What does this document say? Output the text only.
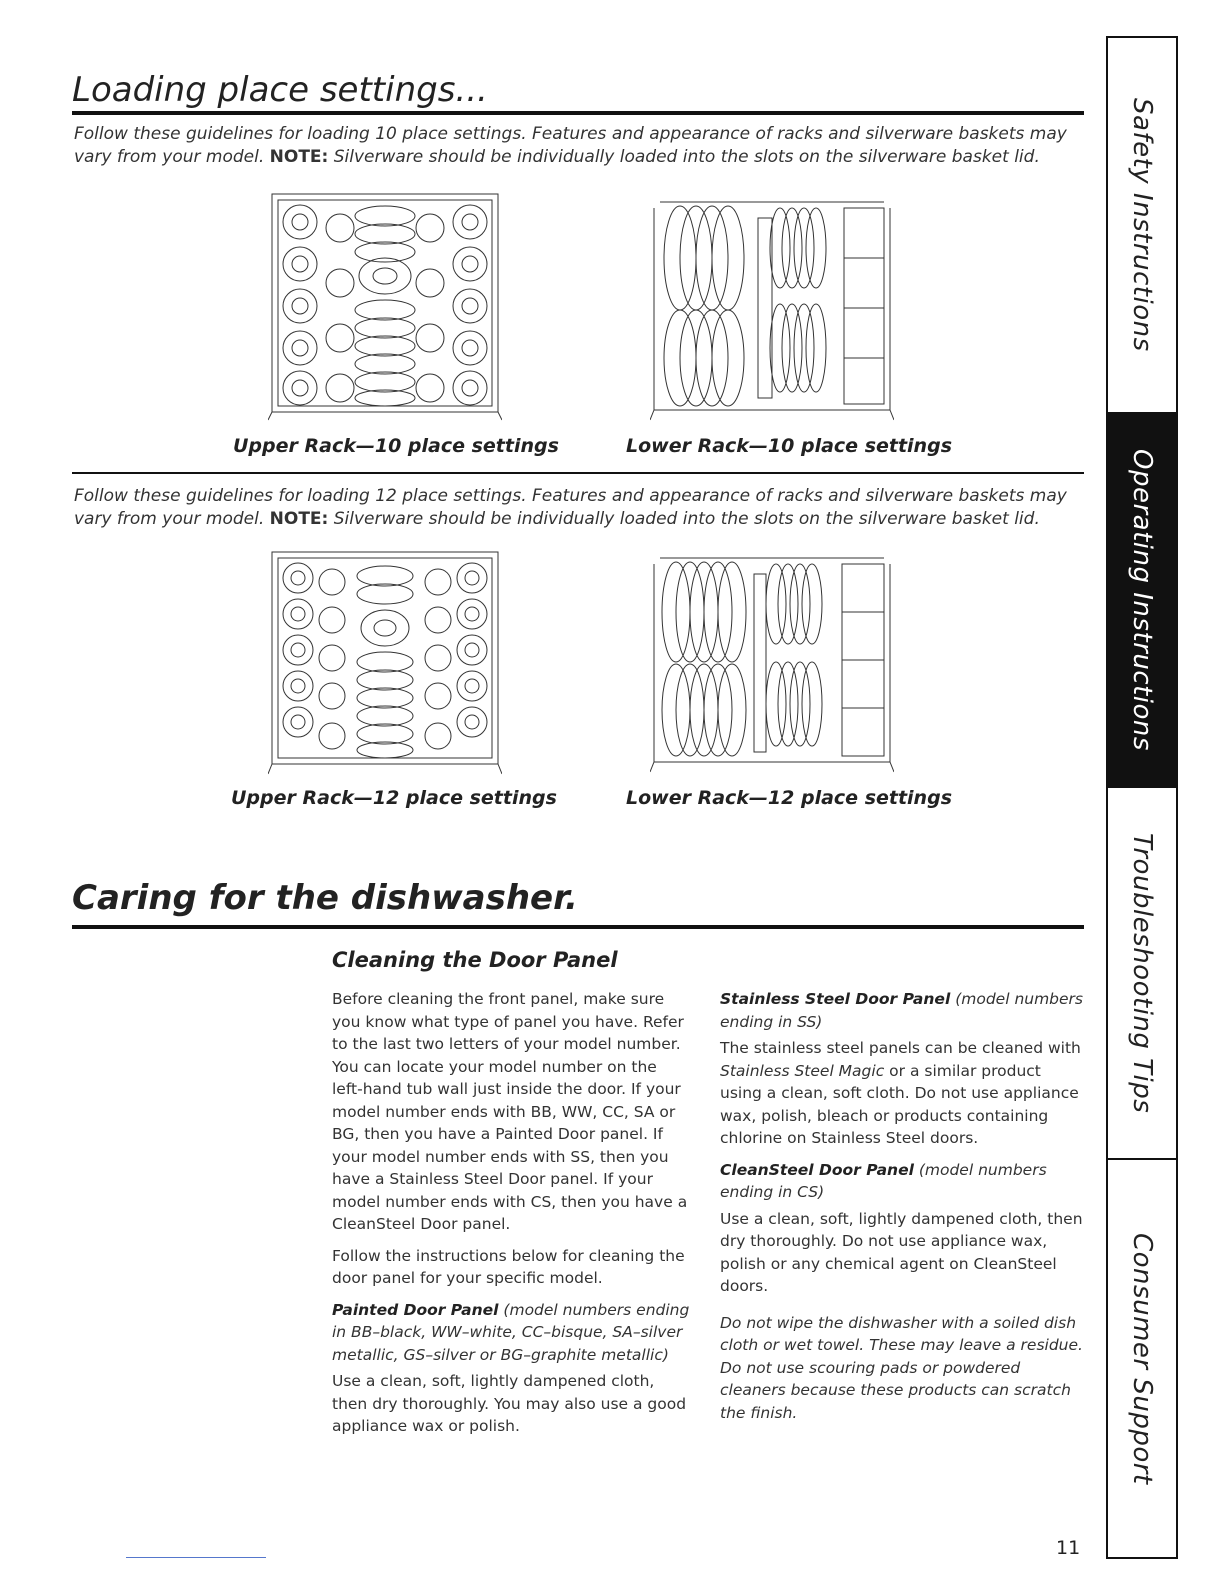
Loading place settings...
Follow these guidelines for loading 10 place settings. Features and appearance of racks and silverware baskets may vary from your model. NOTE: Silverware should be individually loaded into the slots on the silverware basket lid.
Upper Rack—10 place settings	Lower Rack—10 place settings
Follow these guidelines for loading 12 place settings. Features and appearance of racks and silverware baskets may vary from your model. NOTE: Silverware should be individually loaded into the slots on the silverware basket lid.
Upper Rack—12 place settings	Lower Rack—12 place settings
Caring for the dishwasher.
Cleaning the Door Panel

Before cleaning the front panel, make sure you know what type of panel you have. Refer to the last two letters of your model number. You can locate your model number on the left-hand tub wall just inside the door. If your model number ends with BB, WW, CC, SA or BG, then you have a Painted Door panel. If your model number ends with SS, then you have a Stainless Steel Door panel. If your model number ends with CS, then you have a CleanSteel Door panel.

Follow the instructions below for cleaning the door panel for your specific model.

Painted Door Panel (model numbers ending in BB–black, WW–white, CC–bisque, SA–silver metallic, GS–silver or BG–graphite metallic)

Use a clean, soft, lightly dampened cloth, then dry thoroughly. You may also use a good appliance wax or polish.

Stainless Steel Door Panel (model numbers ending in SS)

The stainless steel panels can be cleaned with Stainless Steel Magic or a similar product using a clean, soft cloth. Do not use appliance wax, polish, bleach or products containing chlorine on Stainless Steel doors.

CleanSteel Door Panel (model numbers ending in CS)

Use a clean, soft, lightly dampened cloth, then dry thoroughly. Do not use appliance wax, polish or any chemical agent on CleanSteel doors.

Do not wipe the dishwasher with a soiled dish cloth or wet towel. These may leave a residue. Do not use scouring pads or powdered cleaners because these products can scratch the finish.

Safety Instructions
Operating Instructions
Troubleshooting Tips
Consumer Support
11
